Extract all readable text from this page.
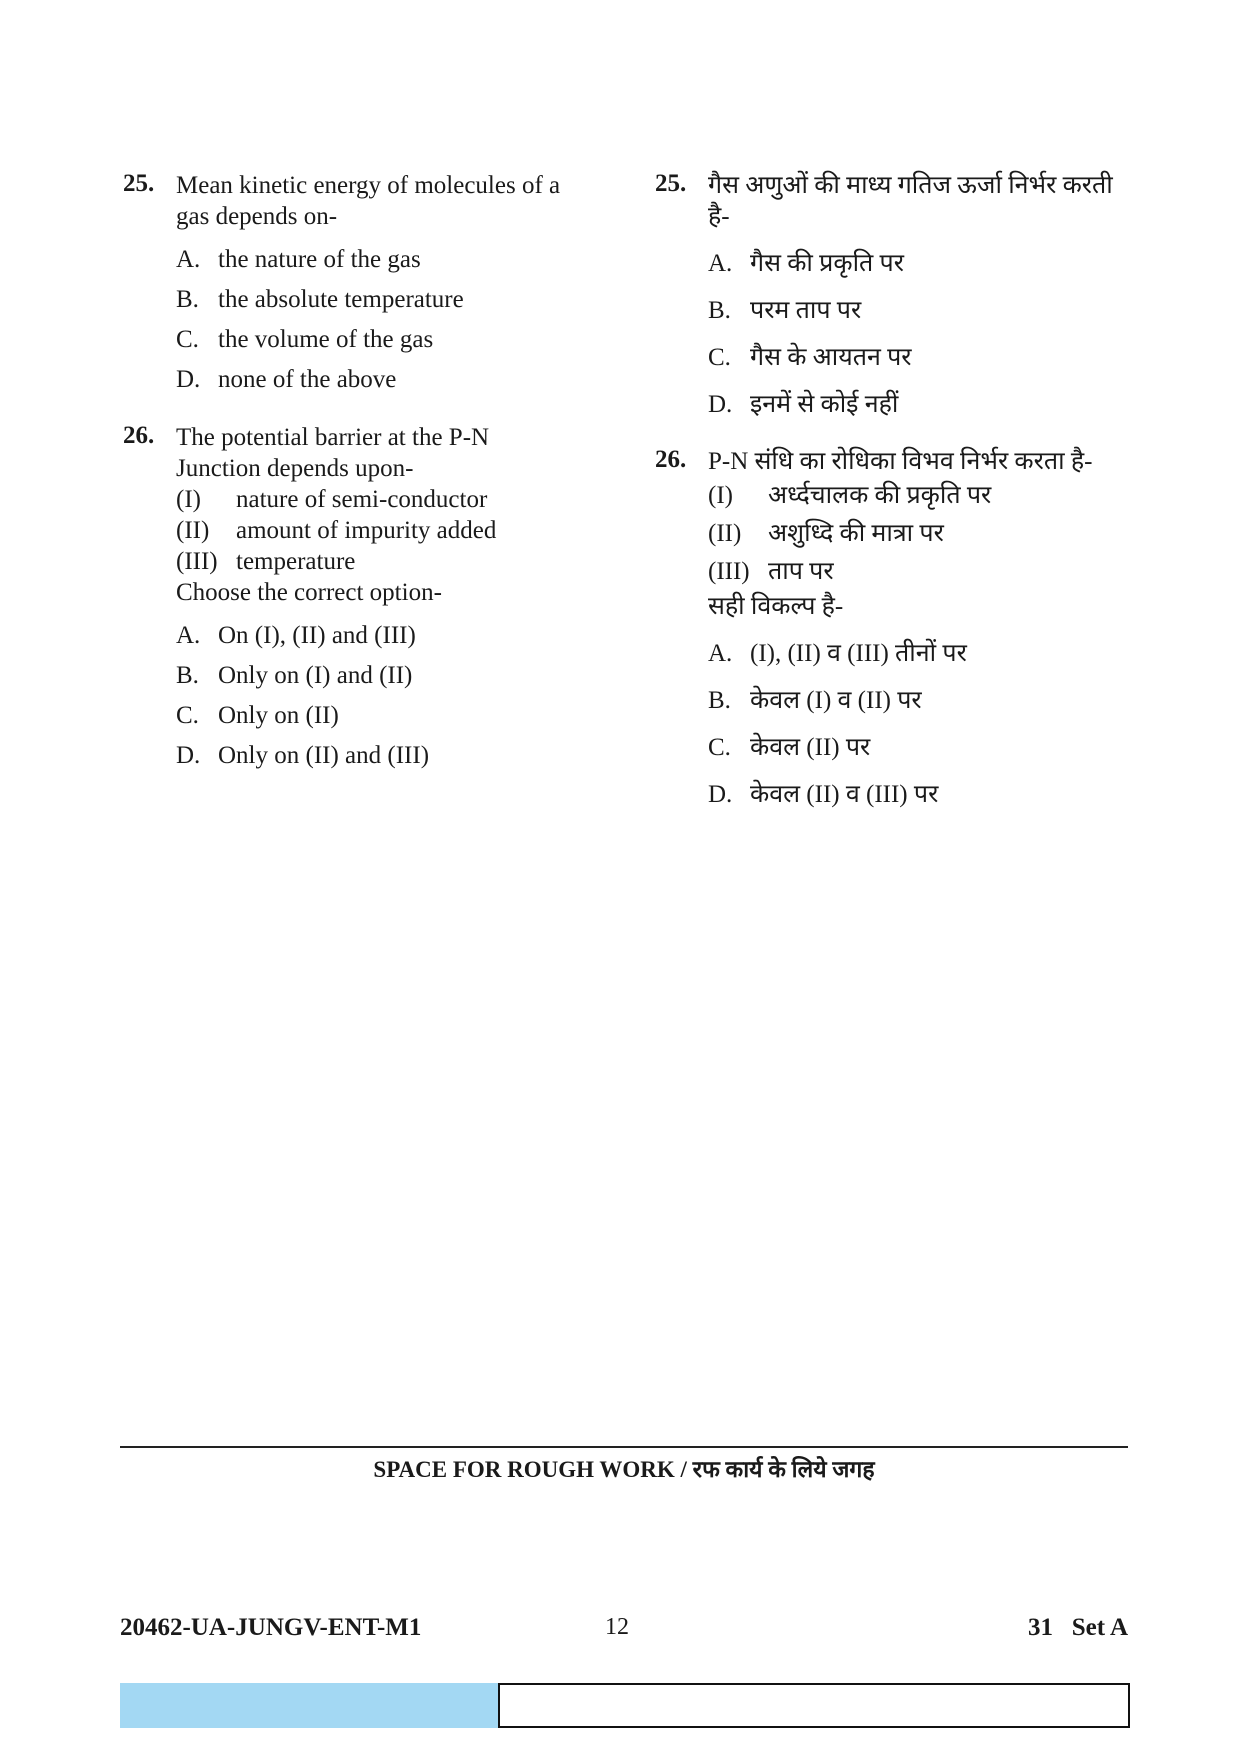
25. Mean kinetic energy of molecules of a
gas depends on-
A. the nature of the gas
B. the absolute temperature
C. the volume of the gas
D. none of the above
26. The potential barrier at the P-N
Junction depends upon-
(I)	nature of semi-conductor
(II)	amount of impurity added
(III) temperature
Choose the correct option-
A. On (I), (II) and (III)
B. Only on (I) and (II)
C. Only on (II)
D. Only on (II) and (III)
25. गैस अणुओं की माध्य गतिज ऊर्जा निर्भर करती है-
A. गैस की प्रकृति पर
B. परम ताप पर
C. गैस के आयतन पर
D. इनमें से कोई नहीं
26. P-N संधि का रोधिका विभव निर्भर करता है-
(I)	अर्ध्दचालक की प्रकृति पर
(II)	अशुध्दि की मात्रा पर
(III) ताप पर
सही विकल्प है-
A. (I), (II) व (III) तीनों पर
B. केवल (I) व (II) पर
C. केवल (II) पर
D. केवल (II) व (III) पर
SPACE FOR ROUGH WORK / रफ कार्य के लिये जगह
20462-UA-JUNGV-ENT-M1	12	31   Set A
